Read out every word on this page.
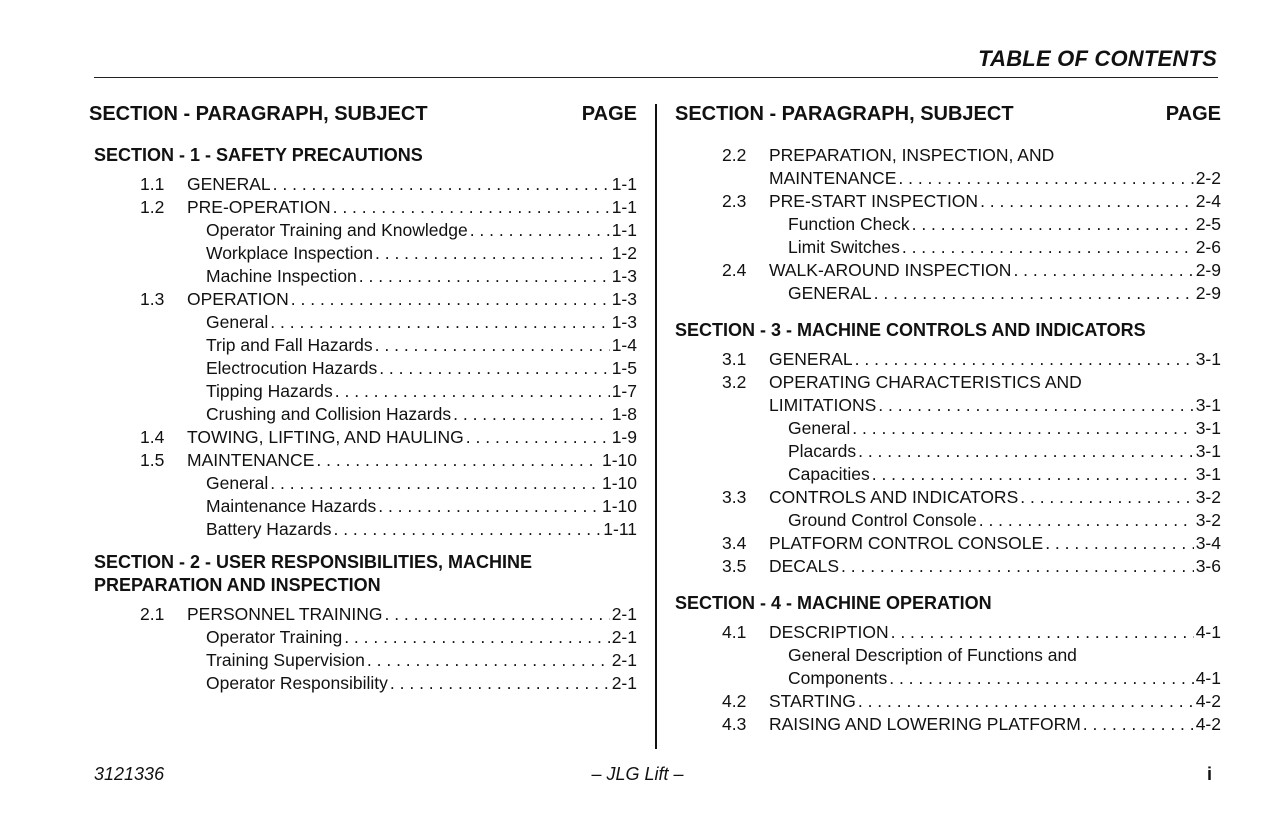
TABLE OF CONTENTS
SECTION - PARAGRAPH, SUBJECT	PAGE
SECTION - 1 - SAFETY PRECAUTIONS
1.1	GENERAL . . .	1-1
1.2	PRE-OPERATION . . .	1-1
Operator Training and Knowledge . . .	1-1
Workplace Inspection . . .	1-2
Machine Inspection . . .	1-3
1.3	OPERATION . . .	1-3
General . . .	1-3
Trip and Fall Hazards . . .	1-4
Electrocution Hazards . . .	1-5
Tipping Hazards . . .	1-7
Crushing and Collision Hazards . . .	1-8
1.4	TOWING, LIFTING, AND HAULING . . .	1-9
1.5	MAINTENANCE . . .	1-10
General . . .	1-10
Maintenance Hazards . . .	1-10
Battery Hazards . . .	1-11
SECTION - 2 - USER RESPONSIBILITIES, MACHINE
PREPARATION AND INSPECTION
2.1	PERSONNEL TRAINING . . .	2-1
Operator Training . . .	2-1
Training Supervision . . .	2-1
Operator Responsibility . . .	2-1
SECTION - PARAGRAPH, SUBJECT	PAGE
2.2	PREPARATION, INSPECTION, AND
MAINTENANCE . . .	2-2
2.3	PRE-START INSPECTION . . .	2-4
Function Check . . .	2-5
Limit Switches . . .	2-6
2.4	WALK-AROUND INSPECTION . . .	2-9
GENERAL . . .	2-9
SECTION - 3 - MACHINE CONTROLS AND INDICATORS
3.1	GENERAL . . .	3-1
3.2	OPERATING CHARACTERISTICS AND
LIMITATIONS . . .	3-1
General . . .	3-1
Placards . . .	3-1
Capacities . . .	3-1
3.3	CONTROLS AND INDICATORS . . .	3-2
Ground Control Console . . .	3-2
3.4	PLATFORM CONTROL CONSOLE . . .	3-4
3.5	DECALS . . .	3-6
SECTION - 4 - MACHINE OPERATION
4.1	DESCRIPTION . . .	4-1
General Description of Functions and
Components . . .	4-1
4.2	STARTING . . .	4-2
4.3	RAISING AND LOWERING PLATFORM . . .	4-2
3121336	– JLG Lift –	i
